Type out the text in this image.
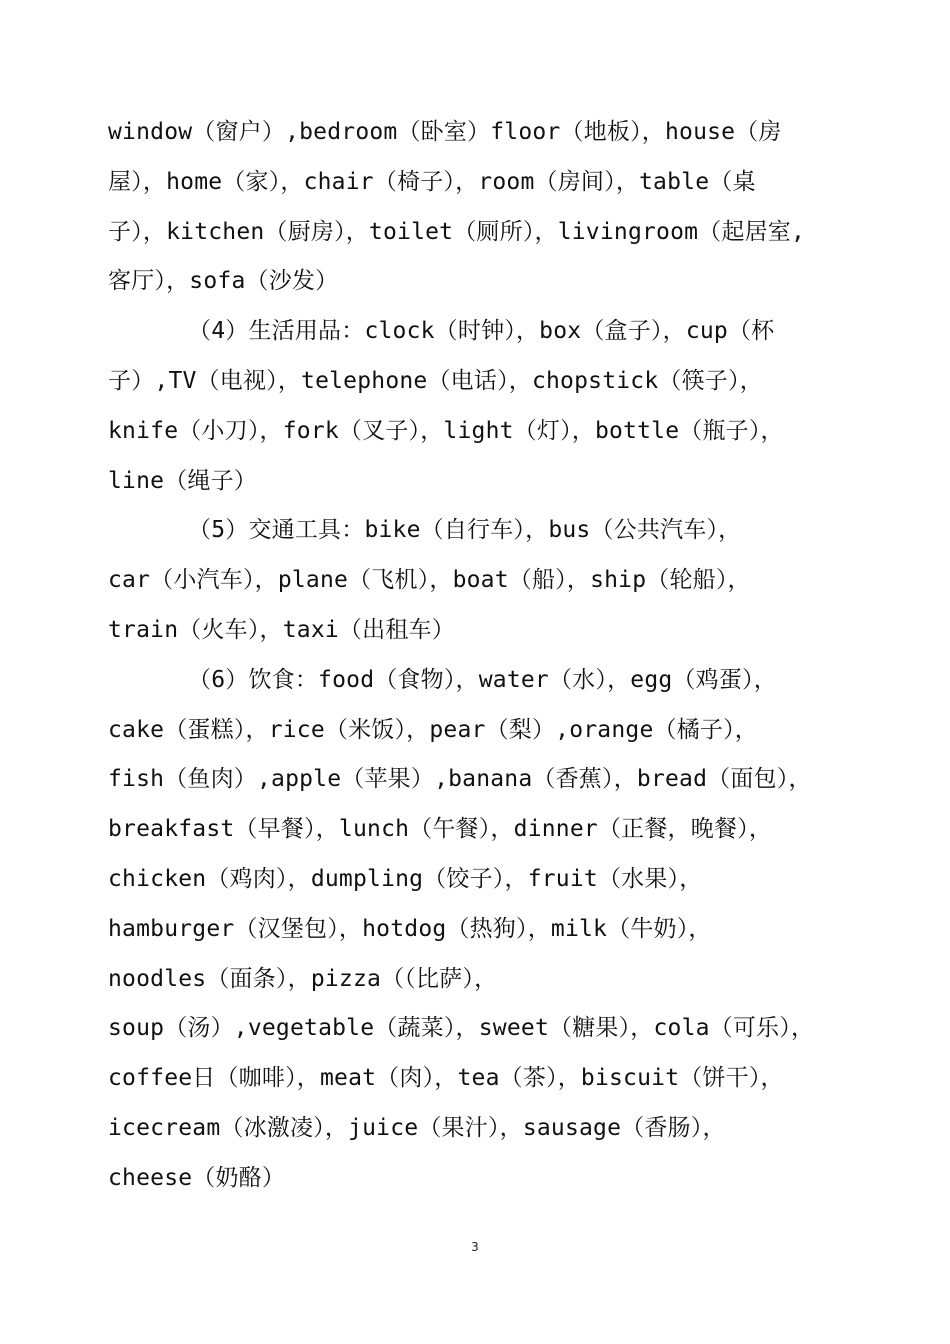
window（窗户）,bedroom（卧室）floor（地板），house（房
屋），home（家），chair（椅子），room（房间），table（桌
子），kitchen（厨房），toilet（厕所），livingroom（起居室,
客厅），sofa（沙发）
（4）生活用品：clock（时钟），box（盒子），cup（杯
子）,TV（电视），telephone（电话），chopstick（筷子），
knife（小刀），fork（叉子），light（灯），bottle（瓶子），
line（绳子）
（5）交通工具：bike（自行车），bus（公共汽车），
car（小汽车），plane（飞机），boat（船），ship（轮船），
train（火车），taxi（出租车）
（6）饮食：food（食物），water（水），egg（鸡蛋），
cake（蛋糕），rice（米饭），pear（梨）,orange（橘子），
fish（鱼肉）,apple（苹果）,banana（香蕉），bread（面包），
breakfast（早餐），lunch（午餐），dinner（正餐，晚餐），
chicken（鸡肉），dumpling（饺子），fruit（水果），
hamburger（汉堡包），hotdog（热狗），milk（牛奶），
noodles（面条），pizza（（比萨），
soup（汤）,vegetable（蔬菜），sweet（糖果），cola（可乐），
coffee日（咖啡），meat（肉），tea（茶），biscuit（饼干），
icecream（冰激凌），juice（果汁），sausage（香肠），
cheese（奶酪）
3
